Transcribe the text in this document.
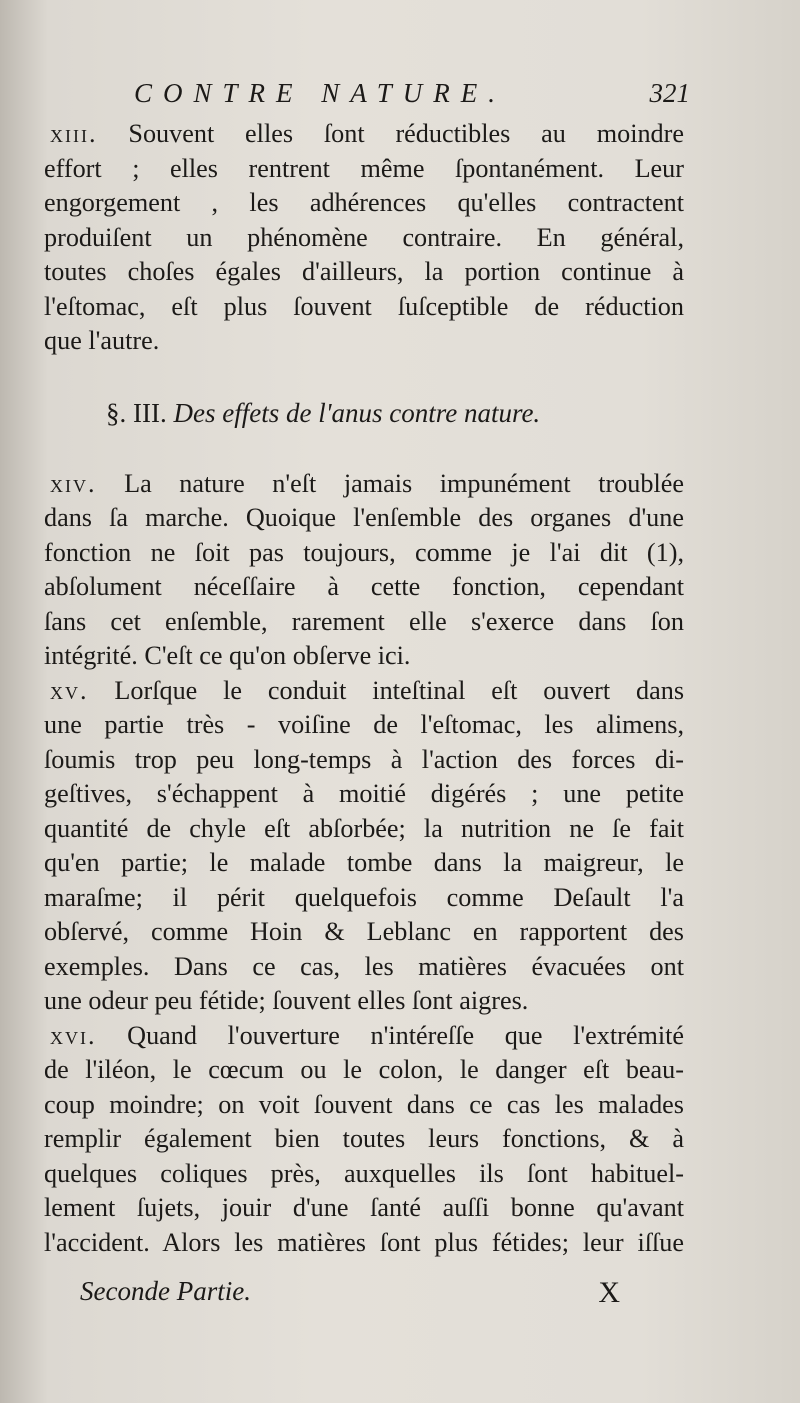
CONTRE NATURE.	321
xiii. Souvent elles ſont réductibles au moindre
effort ; elles rentrent même ſpontanément. Leur
engorgement , les adhérences qu'elles contractent
produiſent un phénomène contraire. En général,
toutes choſes égales d'ailleurs, la portion continue à
l'eſtomac, eſt plus ſouvent ſuſceptible de réduction
que l'autre.
§. III. Des effets de l'anus contre nature.
xiv. La nature n'eſt jamais impunément troublée
dans ſa marche. Quoique l'enſemble des organes d'une
fonction ne ſoit pas toujours, comme je l'ai dit (1),
abſolument néceſſaire à cette fonction, cependant
ſans cet enſemble, rarement elle s'exerce dans ſon
intégrité. C'eſt ce qu'on obſerve ici.
xv. Lorſque le conduit inteſtinal eſt ouvert dans
une partie très - voiſine de l'eſtomac, les alimens,
ſoumis trop peu long-temps à l'action des forces di-
geſtives, s'échappent à moitié digérés ; une petite
quantité de chyle eſt abſorbée; la nutrition ne ſe fait
qu'en partie; le malade tombe dans la maigreur, le
maraſme; il périt quelquefois comme Deſault l'a
obſervé, comme Hoin & Leblanc en rapportent des
exemples. Dans ce cas, les matières évacuées ont
une odeur peu fétide; ſouvent elles ſont aigres.
xvi. Quand l'ouverture n'intéreſſe que l'extrémité
de l'iléon, le cœcum ou le colon, le danger eſt beau-
coup moindre; on voit ſouvent dans ce cas les malades
remplir également bien toutes leurs fonctions, & à
quelques coliques près, auxquelles ils ſont habituel-
lement ſujets, jouir d'une ſanté auſſi bonne qu'avant
l'accident. Alors les matières ſont plus fétides; leur iſſue
Seconde Partie.	X
